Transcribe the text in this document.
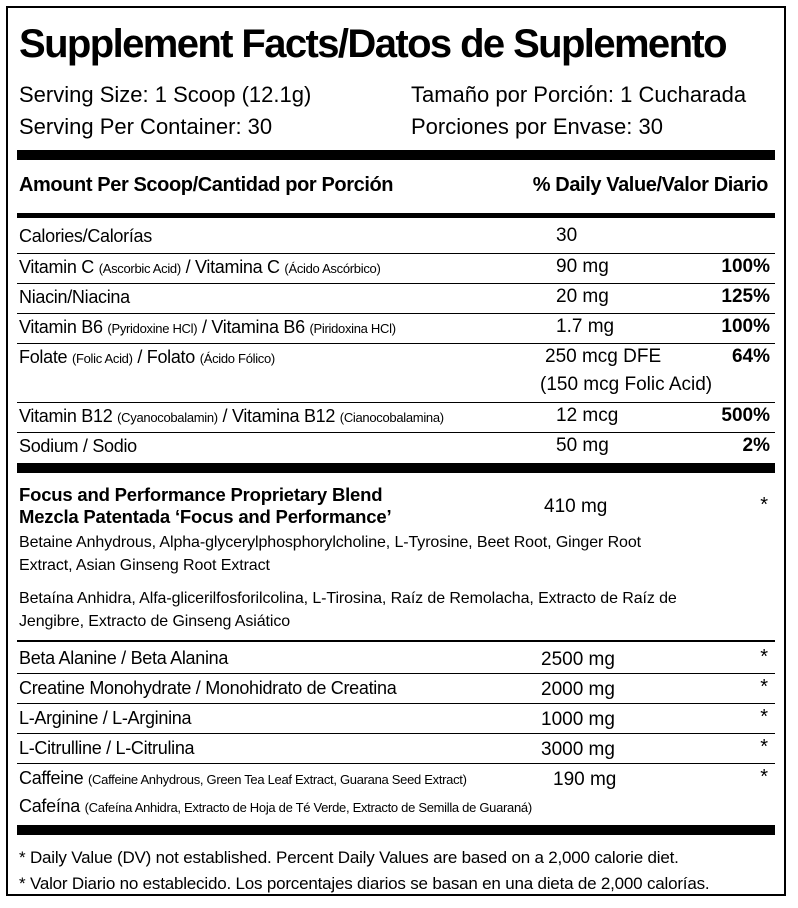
Supplement Facts/Datos de Suplemento
Serving Size: 1 Scoop (12.1g)	Tamaño por Porción: 1 Cucharada
Serving Per Container: 30	Porciones por Envase: 30
Amount Per Scoop/Cantidad por Porción	% Daily Value/Valor Diario
Calories/Calorías	30
Vitamin C (Ascorbic Acid) / Vitamina C (Ácido Ascórbico)	90 mg	100%
Niacin/Niacina	20 mg	125%
Vitamin B6 (Pyridoxine HCl) / Vitamina B6 (Piridoxina HCl)	1.7 mg	100%
Folate (Folic Acid) / Folato (Ácido Fólico)	250 mcg DFE	64%
(150 mcg Folic Acid)
Vitamin B12 (Cyanocobalamin) / Vitamina B12 (Cianocobalamina)	12 mcg	500%
Sodium / Sodio	50 mg	2%
Focus and Performance Proprietary Blend
Mezcla Patentada ‘Focus and Performance’	410 mg	*
Betaine Anhydrous, Alpha-glycerylphosphorylcholine, L-Tyrosine, Beet Root, Ginger Root
Extract, Asian Ginseng Root Extract
Betaína Anhidra, Alfa-glicerilfosforilcolina, L-Tirosina, Raíz de Remolacha, Extracto de Raíz de
Jengibre, Extracto de Ginseng Asiático
Beta Alanine / Beta Alanina	2500 mg	*
Creatine Monohydrate / Monohidrato de Creatina	2000 mg	*
L-Arginine / L-Arginina	1000 mg	*
L-Citrulline / L-Citrulina	3000 mg	*
Caffeine (Caffeine Anhydrous, Green Tea Leaf Extract, Guarana Seed Extract)	190 mg	*
Cafeína (Cafeína Anhidra, Extracto de Hoja de Té Verde, Extracto de Semilla de Guaraná)
* Daily Value (DV) not established. Percent Daily Values are based on a 2,000 calorie diet.
* Valor Diario no establecido. Los porcentajes diarios se basan en una dieta de 2,000 calorías.
